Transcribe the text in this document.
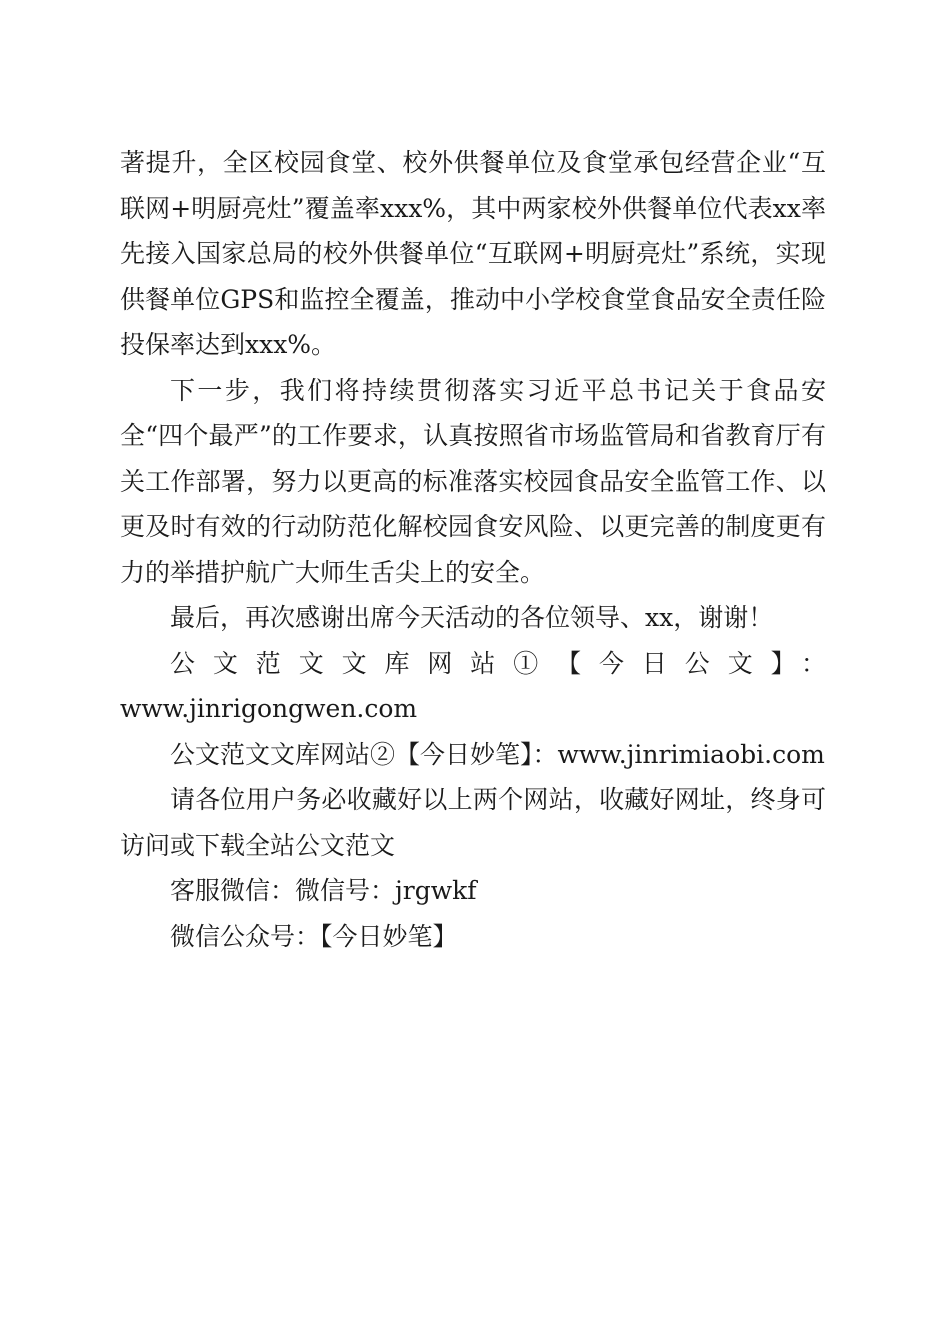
著提升，全区校园食堂、校外供餐单位及食堂承包经营企业“互联网+明厨亮灶”覆盖率xxx%，其中两家校外供餐单位代表xx率先接入国家总局的校外供餐单位“互联网+明厨亮灶”系统，实现供餐单位GPS和监控全覆盖，推动中小学校食堂食品安全责任险投保率达到xxx%。

下一步，我们将持续贯彻落实习近平总书记关于食品安全“四个最严”的工作要求，认真按照省市场监管局和省教育厅有关工作部署，努力以更高的标准落实校园食品安全监管工作、以更及时有效的行动防范化解校园食安风险、以更完善的制度更有力的举措护航广大师生舌尖上的安全。

最后，再次感谢出席今天活动的各位领导、xx，谢谢！

公文范文文库网站①【今日公文】：

www.jinrigongwen.com

公文范文文库网站②【今日妙笔】：www.jinrimiaobi.com

请各位用户务必收藏好以上两个网站，收藏好网址，终身可访问或下载全站公文范文

客服微信：微信号：jrgwkf

微信公众号：【今日妙笔】
